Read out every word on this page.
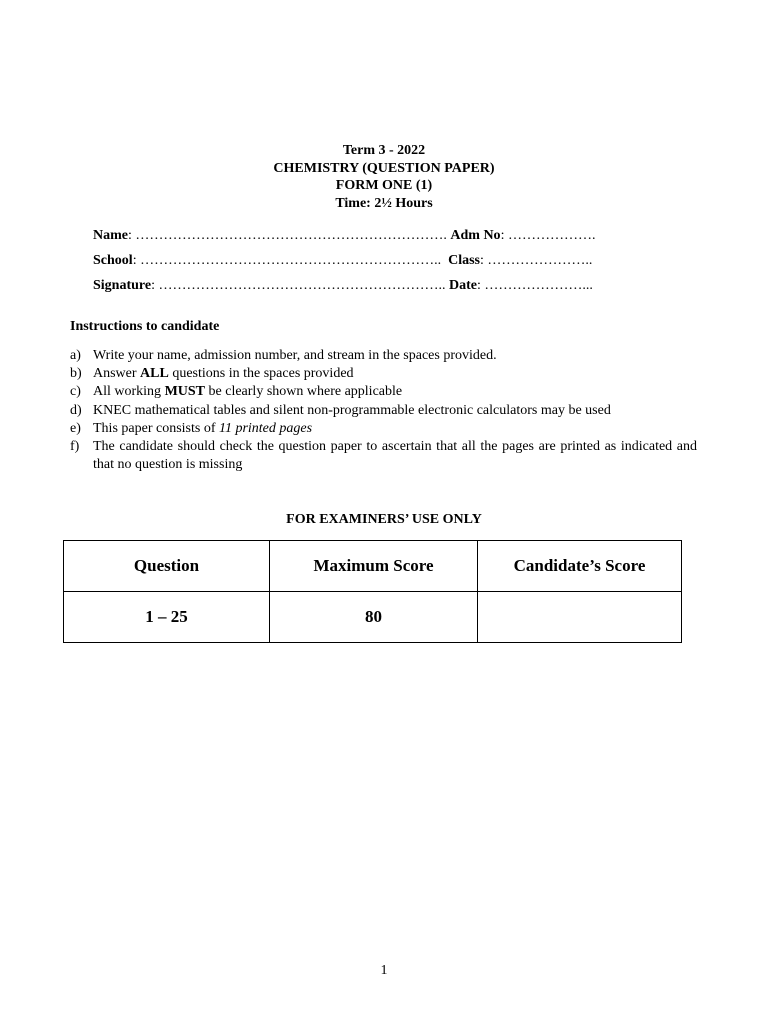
Term 3 - 2022
CHEMISTRY (QUESTION PAPER)
FORM ONE (1)
Time: 2½ Hours
Name: …………………………………………………………. Adm No: ……………….
School: ……………………………………………………….. Class: …………………..
Signature: …………………………………………………….. Date: …………………...
Instructions to candidate
a) Write your name, admission number, and stream in the spaces provided.
b) Answer ALL questions in the spaces provided
c) All working MUST be clearly shown where applicable
d) KNEC mathematical tables and silent non-programmable electronic calculators may be used
e) This paper consists of 11 printed pages
f) The candidate should check the question paper to ascertain that all the pages are printed as indicated and that no question is missing
FOR EXAMINERS’ USE ONLY
Question	Maximum Score	Candidate’s Score
1 – 25	80	
1
